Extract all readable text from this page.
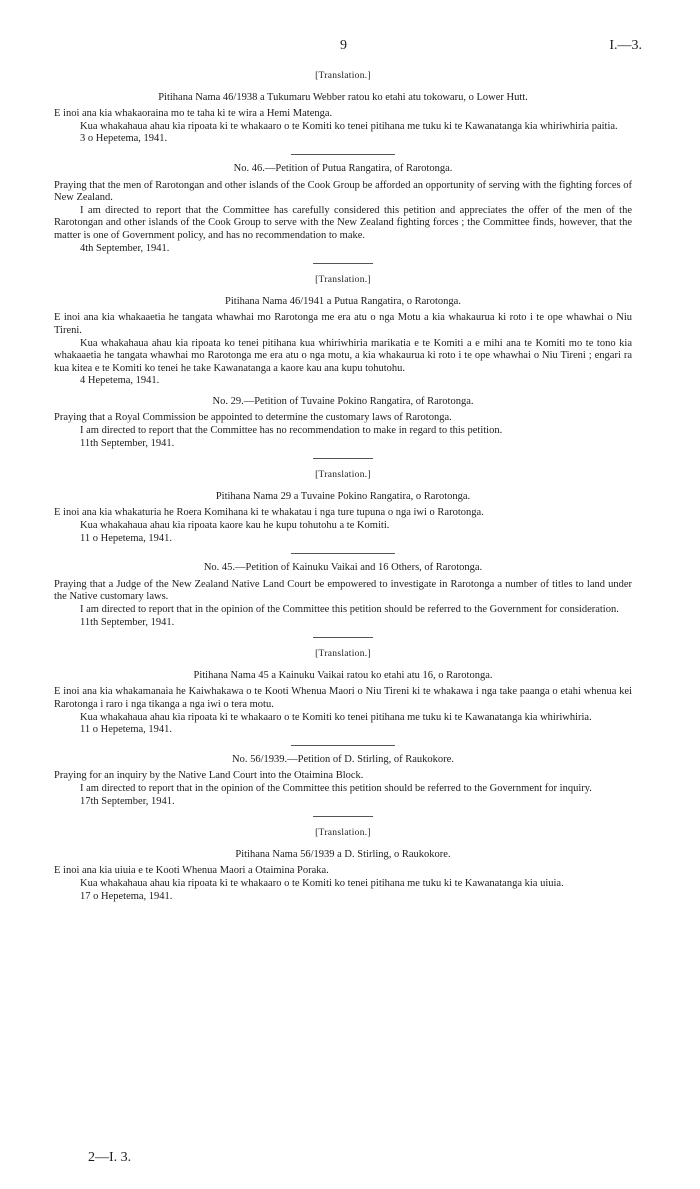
9	I.—3.

[Translation.]

Pitihana Nama 46/1938 a Tukumaru Webber ratou ko etahi atu tokowaru, o Lower Hutt.

E inoi ana kia whakaoraina mo te taha ki te wira a Hemi Matenga.

Kua whakahaua ahau kia ripoata ki te whakaaro o te Komiti ko tenei pitihana me tuku ki te Kawanatanga kia whiriwhiria paitia.

3 o Hepetema, 1941.

No. 46.—Petition of Putua Rangatira, of Rarotonga.

Praying that the men of Rarotongan and other islands of the Cook Group be afforded an opportunity of serving with the fighting forces of New Zealand.

I am directed to report that the Committee has carefully considered this petition and appreciates the offer of the men of the Rarotongan and other islands of the Cook Group to serve with the New Zealand fighting forces ; the Committee finds, however, that the matter is one of Government policy, and has no recommendation to make.

4th September, 1941.

[Translation.]

Pitihana Nama 46/1941 a Putua Rangatira, o Rarotonga.

E inoi ana kia whakaaetia he tangata whawhai mo Rarotonga me era atu o nga Motu a kia whakaurua ki roto i te ope whawhai o Niu Tireni.

Kua whakahaua ahau kia ripoata ko tenei pitihana kua whiriwhiria marikatia e te Komiti a e mihi ana te Komiti mo te tono kia whakaaetia he tangata whawhai mo Rarotonga me era atu o nga motu, a kia whakaurua ki roto i te ope whawhai o Niu Tireni ; engari ra kua kitea e te Komiti ko tenei he take Kawanatanga a kaore kau ana kupu tohutohu.

4 Hepetema, 1941.

No. 29.—Petition of Tuvaine Pokino Rangatira, of Rarotonga.

Praying that a Royal Commission be appointed to determine the customary laws of Rarotonga.

I am directed to report that the Committee has no recommendation to make in regard to this petition.

11th September, 1941.

[Translation.]

Pitihana Nama 29 a Tuvaine Pokino Rangatira, o Rarotonga.

E inoi ana kia whakaturia he Roera Komihana ki te whakatau i nga ture tupuna o nga iwi o Rarotonga.

Kua whakahaua ahau kia ripoata kaore kau he kupu tohutohu a te Komiti.

11 o Hepetema, 1941.

No. 45.—Petition of Kainuku Vaikai and 16 Others, of Rarotonga.

Praying that a Judge of the New Zealand Native Land Court be empowered to investigate in Rarotonga a number of titles to land under the Native customary laws.

I am directed to report that in the opinion of the Committee this petition should be referred to the Government for consideration.

11th September, 1941.

[Translation.]

Pitihana Nama 45 a Kainuku Vaikai ratou ko etahi atu 16, o Rarotonga.

E inoi ana kia whakamanaia he Kaiwhakawa o te Kooti Whenua Maori o Niu Tireni ki te whakawa i nga take paanga o etahi whenua kei Rarotonga i raro i nga tikanga a nga iwi o tera motu.

Kua whakahaua ahau kia ripoata ki te whakaaro o te Komiti ko tenei pitihana me tuku ki te Kawanatanga kia whiriwhiria.

11 o Hepetema, 1941.

No. 56/1939.—Petition of D. Stirling, of Raukokore.

Praying for an inquiry by the Native Land Court into the Otaimina Block.

I am directed to report that in the opinion of the Committee this petition should be referred to the Government for inquiry.

17th September, 1941.

[Translation.]

Pitihana Nama 56/1939 a D. Stirling, o Raukokore.

E inoi ana kia uiuia e te Kooti Whenua Maori a Otaimina Poraka.

Kua whakahaua ahau kia ripoata ki te whakaaro o te Komiti ko tenei pitihana me tuku ki te Kawanatanga kia uiuia.

17 o Hepetema, 1941.

2—I. 3.
